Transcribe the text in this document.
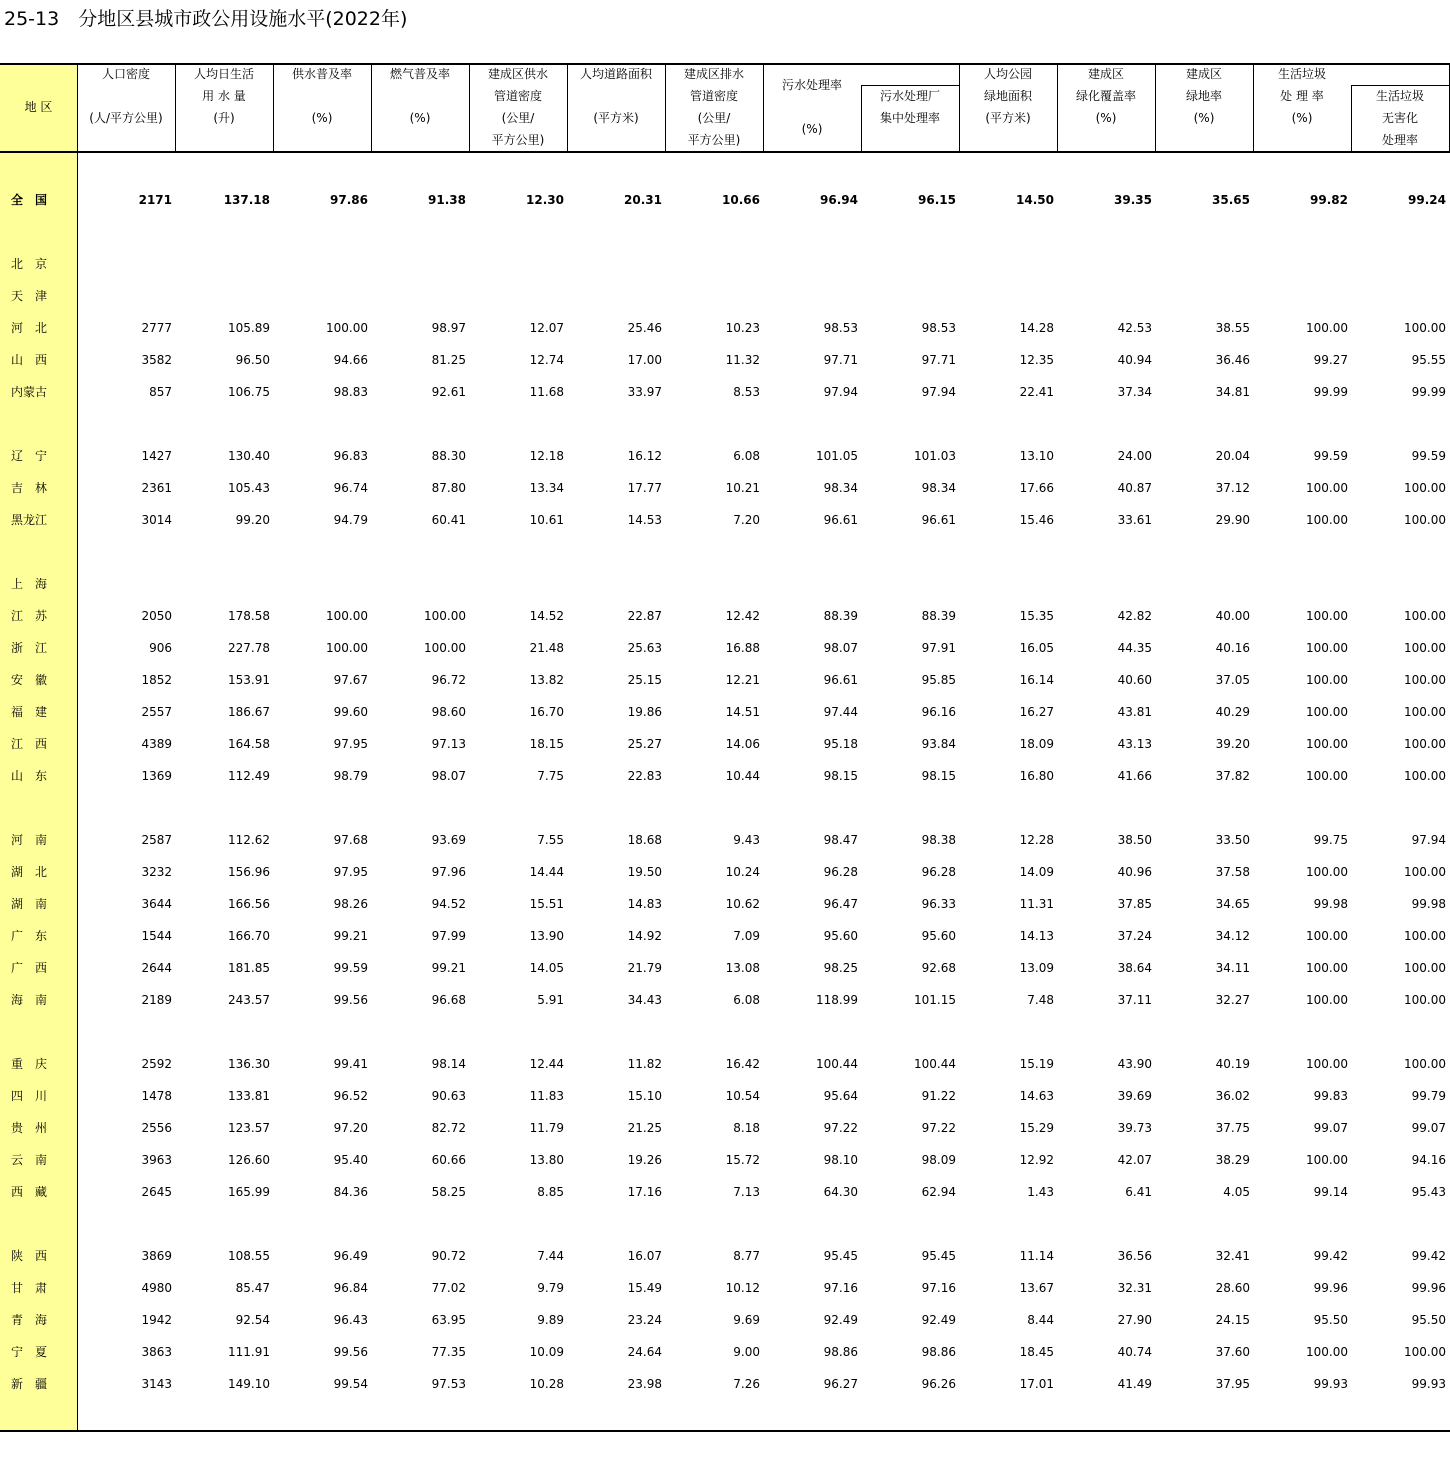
25-13　分地区县城市政公用设施水平(2022年)
地 区
人口密度
(人/平方公里)
人均日生活
用 水 量
(升)
供水普及率
(%)
燃气普及率
(%)
建成区供水
管道密度
(公里/
平方公里)
人均道路面积
(平方米)
建成区排水
管道密度
(公里/
平方公里)
污水处理率
(%)
污水处理厂
集中处理率
人均公园
绿地面积
(平方米)
建成区
绿化覆盖率
(%)
建成区
绿地率
(%)
生活垃圾
处 理 率
(%)
生活垃圾
无害化
处理率
全　国	2171	137.18	97.86	91.38	12.30	20.31	10.66	96.94	96.15	14.50	39.35	35.65	99.82	99.24
北　京
天　津
河　北	2777	105.89	100.00	98.97	12.07	25.46	10.23	98.53	98.53	14.28	42.53	38.55	100.00	100.00
山　西	3582	96.50	94.66	81.25	12.74	17.00	11.32	97.71	97.71	12.35	40.94	36.46	99.27	95.55
内蒙古	857	106.75	98.83	92.61	11.68	33.97	8.53	97.94	97.94	22.41	37.34	34.81	99.99	99.99
辽　宁	1427	130.40	96.83	88.30	12.18	16.12	6.08	101.05	101.03	13.10	24.00	20.04	99.59	99.59
吉　林	2361	105.43	96.74	87.80	13.34	17.77	10.21	98.34	98.34	17.66	40.87	37.12	100.00	100.00
黑龙江	3014	99.20	94.79	60.41	10.61	14.53	7.20	96.61	96.61	15.46	33.61	29.90	100.00	100.00
上　海
江　苏	2050	178.58	100.00	100.00	14.52	22.87	12.42	88.39	88.39	15.35	42.82	40.00	100.00	100.00
浙　江	906	227.78	100.00	100.00	21.48	25.63	16.88	98.07	97.91	16.05	44.35	40.16	100.00	100.00
安　徽	1852	153.91	97.67	96.72	13.82	25.15	12.21	96.61	95.85	16.14	40.60	37.05	100.00	100.00
福　建	2557	186.67	99.60	98.60	16.70	19.86	14.51	97.44	96.16	16.27	43.81	40.29	100.00	100.00
江　西	4389	164.58	97.95	97.13	18.15	25.27	14.06	95.18	93.84	18.09	43.13	39.20	100.00	100.00
山　东	1369	112.49	98.79	98.07	7.75	22.83	10.44	98.15	98.15	16.80	41.66	37.82	100.00	100.00
河　南	2587	112.62	97.68	93.69	7.55	18.68	9.43	98.47	98.38	12.28	38.50	33.50	99.75	97.94
湖　北	3232	156.96	97.95	97.96	14.44	19.50	10.24	96.28	96.28	14.09	40.96	37.58	100.00	100.00
湖　南	3644	166.56	98.26	94.52	15.51	14.83	10.62	96.47	96.33	11.31	37.85	34.65	99.98	99.98
广　东	1544	166.70	99.21	97.99	13.90	14.92	7.09	95.60	95.60	14.13	37.24	34.12	100.00	100.00
广　西	2644	181.85	99.59	99.21	14.05	21.79	13.08	98.25	92.68	13.09	38.64	34.11	100.00	100.00
海　南	2189	243.57	99.56	96.68	5.91	34.43	6.08	118.99	101.15	7.48	37.11	32.27	100.00	100.00
重　庆	2592	136.30	99.41	98.14	12.44	11.82	16.42	100.44	100.44	15.19	43.90	40.19	100.00	100.00
四　川	1478	133.81	96.52	90.63	11.83	15.10	10.54	95.64	91.22	14.63	39.69	36.02	99.83	99.79
贵　州	2556	123.57	97.20	82.72	11.79	21.25	8.18	97.22	97.22	15.29	39.73	37.75	99.07	99.07
云　南	3963	126.60	95.40	60.66	13.80	19.26	15.72	98.10	98.09	12.92	42.07	38.29	100.00	94.16
西　藏	2645	165.99	84.36	58.25	8.85	17.16	7.13	64.30	62.94	1.43	6.41	4.05	99.14	95.43
陕　西	3869	108.55	96.49	90.72	7.44	16.07	8.77	95.45	95.45	11.14	36.56	32.41	99.42	99.42
甘　肃	4980	85.47	96.84	77.02	9.79	15.49	10.12	97.16	97.16	13.67	32.31	28.60	99.96	99.96
青　海	1942	92.54	96.43	63.95	9.89	23.24	9.69	92.49	92.49	8.44	27.90	24.15	95.50	95.50
宁　夏	3863	111.91	99.56	77.35	10.09	24.64	9.00	98.86	98.86	18.45	40.74	37.60	100.00	100.00
新　疆	3143	149.10	99.54	97.53	10.28	23.98	7.26	96.27	96.26	17.01	41.49	37.95	99.93	99.93
